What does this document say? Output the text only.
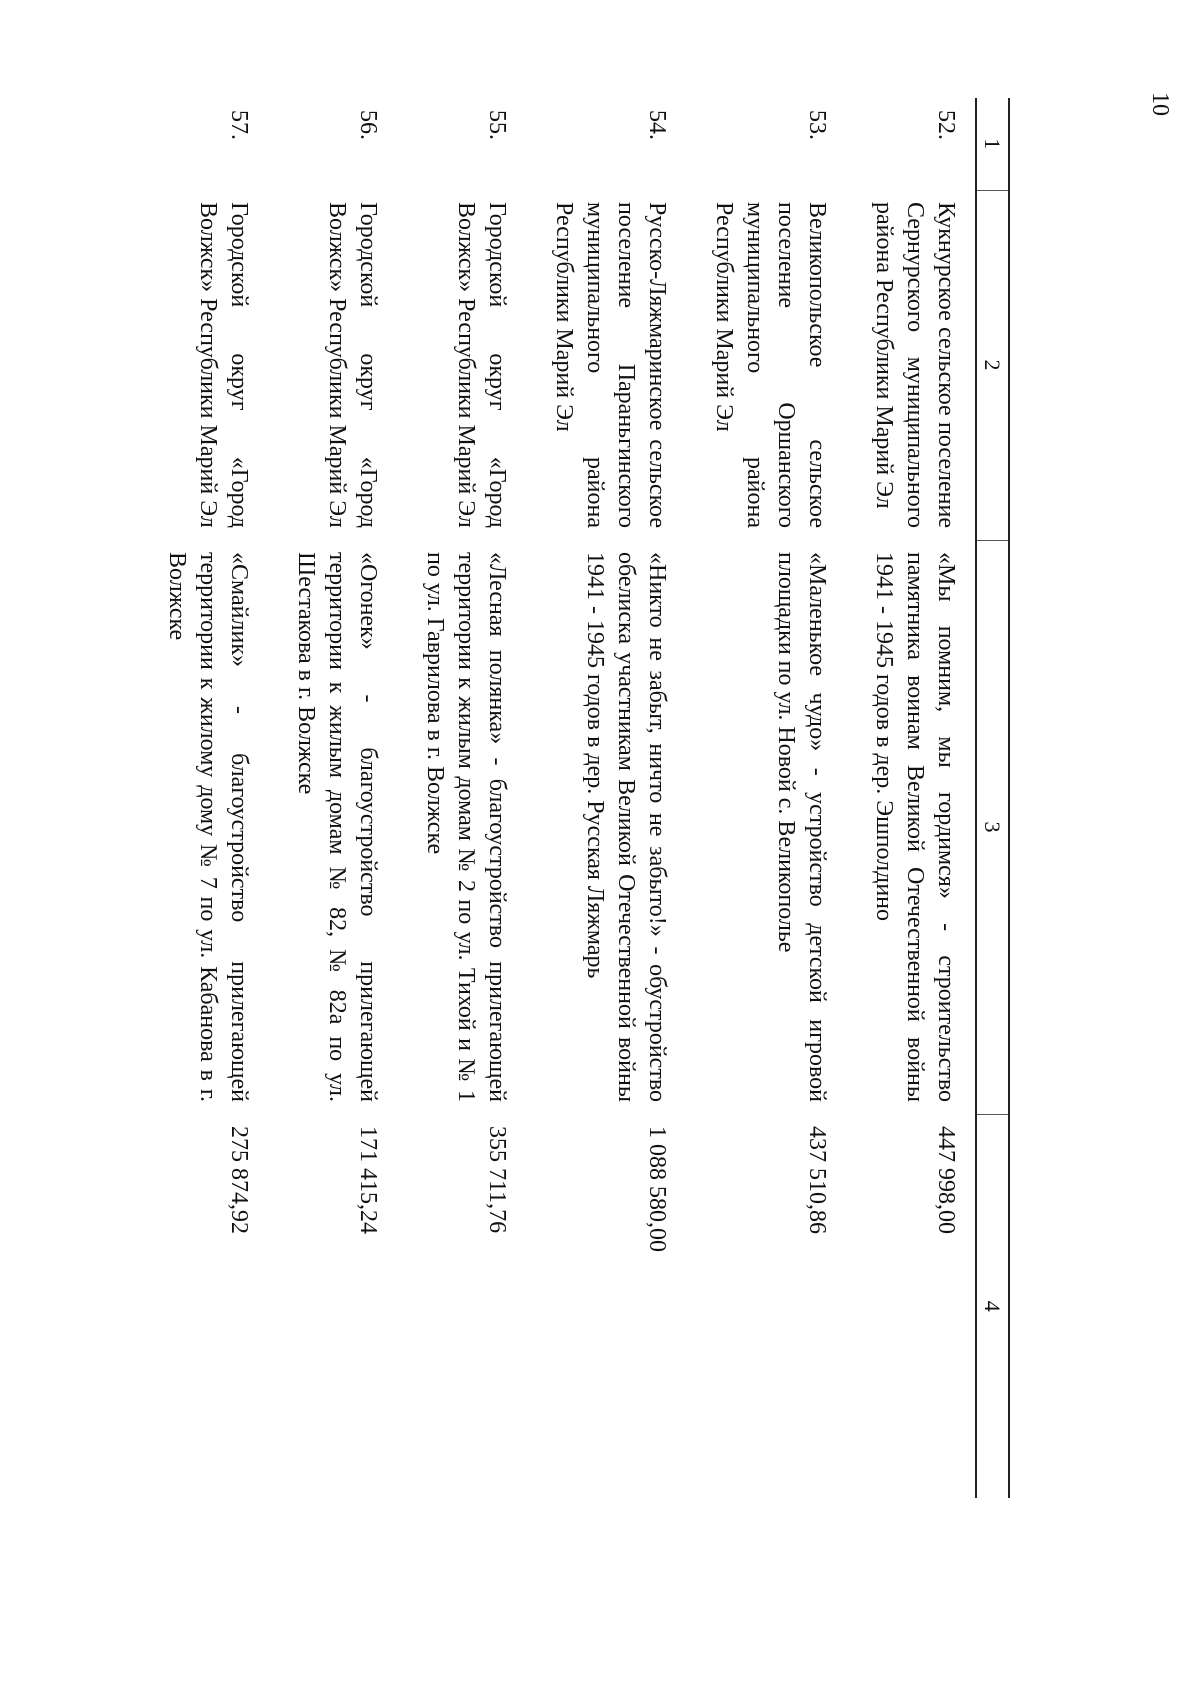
10
1	2	3	4
52.	Кукнурское сельское поселение Сернурского муниципального района Республики Марий Эл	«Мы помним, мы гордимся» - строительство памятника воинам Великой Отечественной войны 1941 - 1945 годов в дер. Эшполдино	447 998,00
53.	Великопольское сельское поселение Оршанского муниципального района Республики Марий Эл	«Маленькое чудо» - устройство детской игровой площадки по ул. Новой с. Великополье	437 510,86
54.	Русско-Ляжмаринское сельское поселение Параньгинского муниципального района Республики Марий Эл	«Никто не забыт, ничто не забыто!» - обустройство обелиска участникам Великой Отечественной войны 1941 - 1945 годов в дер. Русская Ляжмарь	1 088 580,00
55.	Городской округ «Город Волжск» Республики Марий Эл	«Лесная полянка» - благоустройство прилегающей территории к жилым домам № 2 по ул. Тихой и № 1 по ул. Гаврилова в г. Волжске	355 711,76
56.	Городской округ «Город Волжск» Республики Марий Эл	«Огонек» - благоустройство прилегающей территории к жилым домам № 82, № 82а по ул. Шестакова в г. Волжске	171 415,24
57.	Городской округ «Город Волжск» Республики Марий Эл	«Смайлик» - благоустройство прилегающей территории к жилому дому № 7 по ул. Кабанова в г. Волжске	275 874,92
